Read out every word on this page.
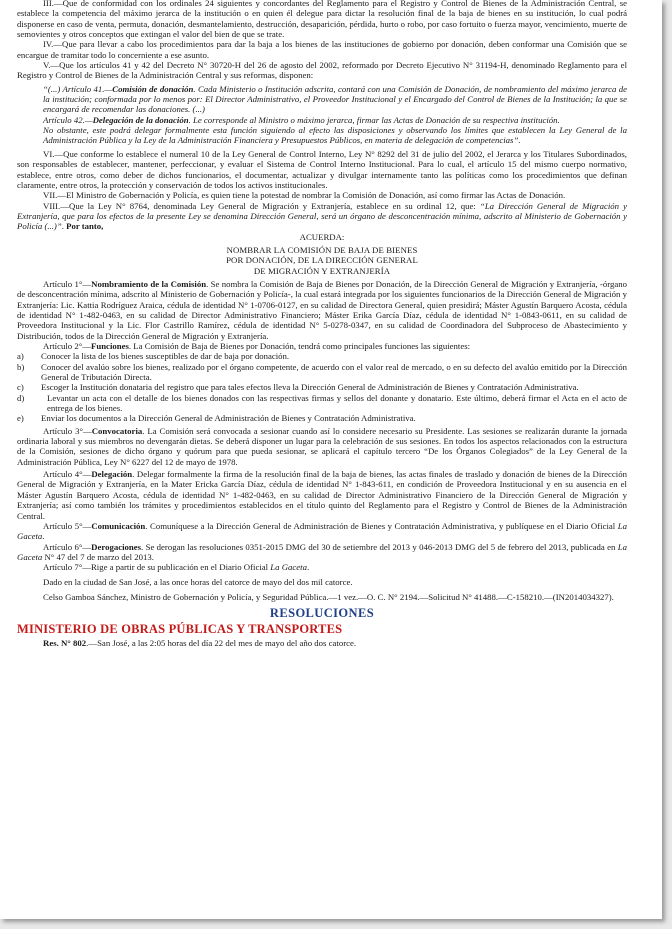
III.—Que de conformidad con los ordinales 24 siguientes y concordantes del Reglamento para el Registro y Control de Bienes de la Administración Central, se establece la competencia del máximo jerarca de la institución o en quien él delegue para dictar la resolución final de la baja de bienes en su institución, lo cual podrá disponerse en caso de venta, permuta, donación, desmantelamiento, destrucción, desaparición, pérdida, hurto o robo, por caso fortuito o fuerza mayor, vencimiento, muerte de semovientes y otros conceptos que extingan el valor del bien de que se trate.

IV.—Que para llevar a cabo los procedimientos para dar la baja a los bienes de las instituciones de gobierno por donación, deben conformar una Comisión que se encargue de tramitar todo lo concerniente a ese asunto.

V.—Que los artículos 41 y 42 del Decreto N° 30720-H del 26 de agosto del 2002, reformado por Decreto Ejecutivo N° 31194-H, denominado Reglamento para el Registro y Control de Bienes de la Administración Central y sus reformas, disponen:

“(...) Artículo 41.—Comisión de donación. Cada Ministerio o Institución adscrita, contará con una Comisión de Donación, de nombramiento del máximo jerarca de la institución; conformada por lo menos por: El Director Administrativo, el Proveedor Institucional y el Encargado del Control de Bienes de la Institución; la que se encargará de recomendar las donaciones. (...)

Artículo 42.—Delegación de la donación. Le corresponde al Ministro o máximo jerarca, firmar las Actas de Donación de su respectiva institución.

No obstante, este podrá delegar formalmente esta función siguiendo al efecto las disposiciones y observando los límites que establecen la Ley General de la Administración Pública y la Ley de la Administración Financiera y Presupuestos Públicos, en materia de delegación de competencias”.

VI.—Que conforme lo establece el numeral 10 de la Ley General de Control Interno, Ley N° 8292 del 31 de julio del 2002, el Jerarca y los Titulares Subordinados, son responsables de establecer, mantener, perfeccionar, y evaluar el Sistema de Control Interno Institucional. Para lo cual, el artículo 15 del mismo cuerpo normativo, establece, entre otros, como deber de dichos funcionarios, el documentar, actualizar y divulgar internamente tanto las políticas como los procedimientos que definan claramente, entre otros, la protección y conservación de todos los activos institucionales.

VII.—El Ministro de Gobernación y Policía, es quien tiene la potestad de nombrar la Comisión de Donación, así como firmar las Actas de Donación.

VIII.—Que la Ley N° 8764, denominada Ley General de Migración y Extranjería, establece en su ordinal 12, que: “La Dirección General de Migración y Extranjería, que para los efectos de la presente Ley se denomina Dirección General, será un órgano de desconcentración mínima, adscrito al Ministerio de Gobernación y Policía (...)”. Por tanto,

ACUERDA:

NOMBRAR LA COMISIÓN DE BAJA DE BIENES

POR DONACIÓN, DE LA DIRECCIÓN GENERAL

DE MIGRACIÓN Y EXTRANJERÍA

Artículo 1°—Nombramiento de la Comisión. Se nombra la Comisión de Baja de Bienes por Donación, de la Dirección General de Migración y Extranjería, -órgano de desconcentración mínima, adscrito al Ministerio de Gobernación y Policía-, la cual estará integrada por los siguientes funcionarios de la Dirección General de Migración y Extranjería: Lic. Kattia Rodríguez Araica, cédula de identidad N° 1-0706-0127, en su calidad de Directora General, quien presidirá; Máster Agustín Barquero Acosta, cédula de identidad N° 1-482-0463, en su calidad de Director Administrativo Financiero; Máster Erika García Díaz, cédula de identidad N° 1-0843-0611, en su calidad de Proveedora Institucional y la Lic. Flor Castrillo Ramírez, cédula de identidad N° 5-0278-0347, en su calidad de Coordinadora del Subproceso de Abastecimiento y Distribución, todos de la Dirección General de Migración y Extranjería.

Artículo 2°—Funciones. La Comisión de Baja de Bienes por Donación, tendrá como principales funciones las siguientes:

a)	Conocer la lista de los bienes susceptibles de dar de baja por donación.
b)	Conocer del avalúo sobre los bienes, realizado por el órgano competente, de acuerdo con el valor real de mercado, o en su defecto del avalúo emitido por la Dirección General de Tributación Directa.
c)	Escoger la Institución donataria del registro que para tales efectos lleva la Dirección General de Administración de Bienes y Contratación Administrativa.
d)	Levantar un acta con el detalle de los bienes donados con las respectivas firmas y sellos del donante y donatario. Este último, deberá firmar el Acta en el acto de entrega de los bienes.
e)	Enviar los documentos a la Dirección General de Administración de Bienes y Contratación Administrativa.

Artículo 3°—Convocatoria. La Comisión será convocada a sesionar cuando así lo considere necesario su Presidente. Las sesiones se realizarán durante la jornada ordinaria laboral y sus miembros no devengarán dietas. Se deberá disponer un lugar para la celebración de sus sesiones. En todos los aspectos relacionados con la estructura de la Comisión, sesiones de dicho órgano y quórum para que pueda sesionar, se aplicará el capítulo tercero “De los Órganos Colegiados” de la Ley General de la Administración Pública, Ley N° 6227 del 12 de mayo de 1978.

Artículo 4°—Delegación. Delegar formalmente la firma de la resolución final de la baja de bienes, las actas finales de traslado y donación de bienes de la Dirección General de Migración y Extranjería, en la Mater Ericka García Díaz, cédula de identidad N° 1-843-611, en condición de Proveedora Institucional y en su ausencia en el Máster Agustín Barquero Acosta, cédula de identidad N° 1-482-0463, en su calidad de Director Administrativo Financiero de la Dirección General de Migración y Extranjería; así como también los trámites y procedimientos establecidos en el título quinto del Reglamento para el Registro y Control de Bienes de la Administración Central.

Artículo 5°—Comunicación. Comuníquese a la Dirección General de Administración de Bienes y Contratación Administrativa, y publíquese en el Diario Oficial La Gaceta.

Artículo 6°—Derogaciones. Se derogan las resoluciones 0351-2015 DMG del 30 de setiembre del 2013 y 046-2013 DMG del 5 de febrero del 2013, publicada en La Gaceta N° 47 del 7 de marzo del 2013.

Artículo 7°—Rige a partir de su publicación en el Diario Oficial La Gaceta.

Dado en la ciudad de San José, a las once horas del catorce de mayo del dos mil catorce.

Celso Gamboa Sánchez, Ministro de Gobernación y Policía, y Seguridad Pública.—1 vez.—O. C. N° 2194.—Solicitud N° 41488.—C-158210.—(IN2014034327).

RESOLUCIONES

MINISTERIO DE OBRAS PÚBLICAS Y TRANSPORTES

Res. N° 802.—San José, a las 2:05 horas del día 22 del mes de mayo del año dos catorce.
